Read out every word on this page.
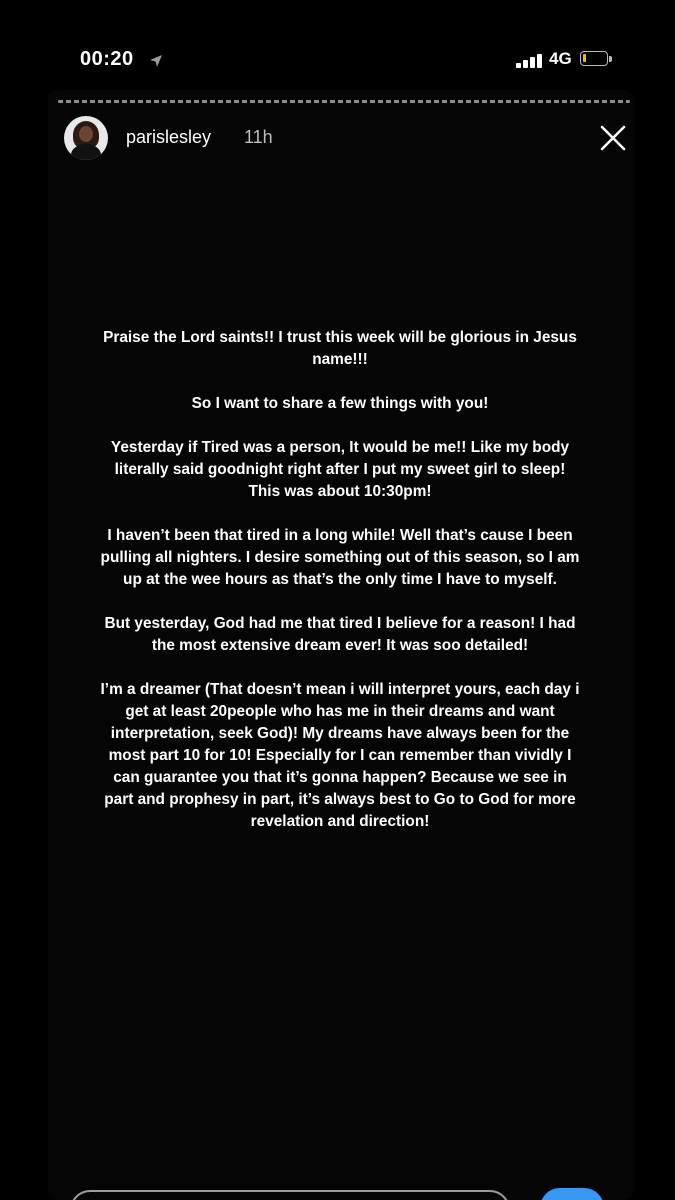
00:20	4G
parislesley 11h

Praise the Lord saints!! I trust this week will be glorious in Jesus name!!!

So I want to share a few things with you!

Yesterday if Tired was a person, It would be me!! Like my body literally said goodnight right after I put my sweet girl to sleep! This was about 10:30pm!

I haven’t been that tired in a long while! Well that’s cause I been pulling all nighters. I desire something out of this season, so I am up at the wee hours as that’s the only time I have to myself.

But yesterday, God had me that tired I believe for a reason! I had the most extensive dream ever! It was soo detailed!

I’m a dreamer (That doesn’t mean i will interpret yours, each day i get at least 20people who has me in their dreams and want interpretation, seek God)! My dreams have always been for the most part 10 for 10! Especially for I can remember than vividly I can guarantee you that it’s gonna happen? Because we see in part and prophesy in part, it’s always best to Go to God for more revelation and direction!
